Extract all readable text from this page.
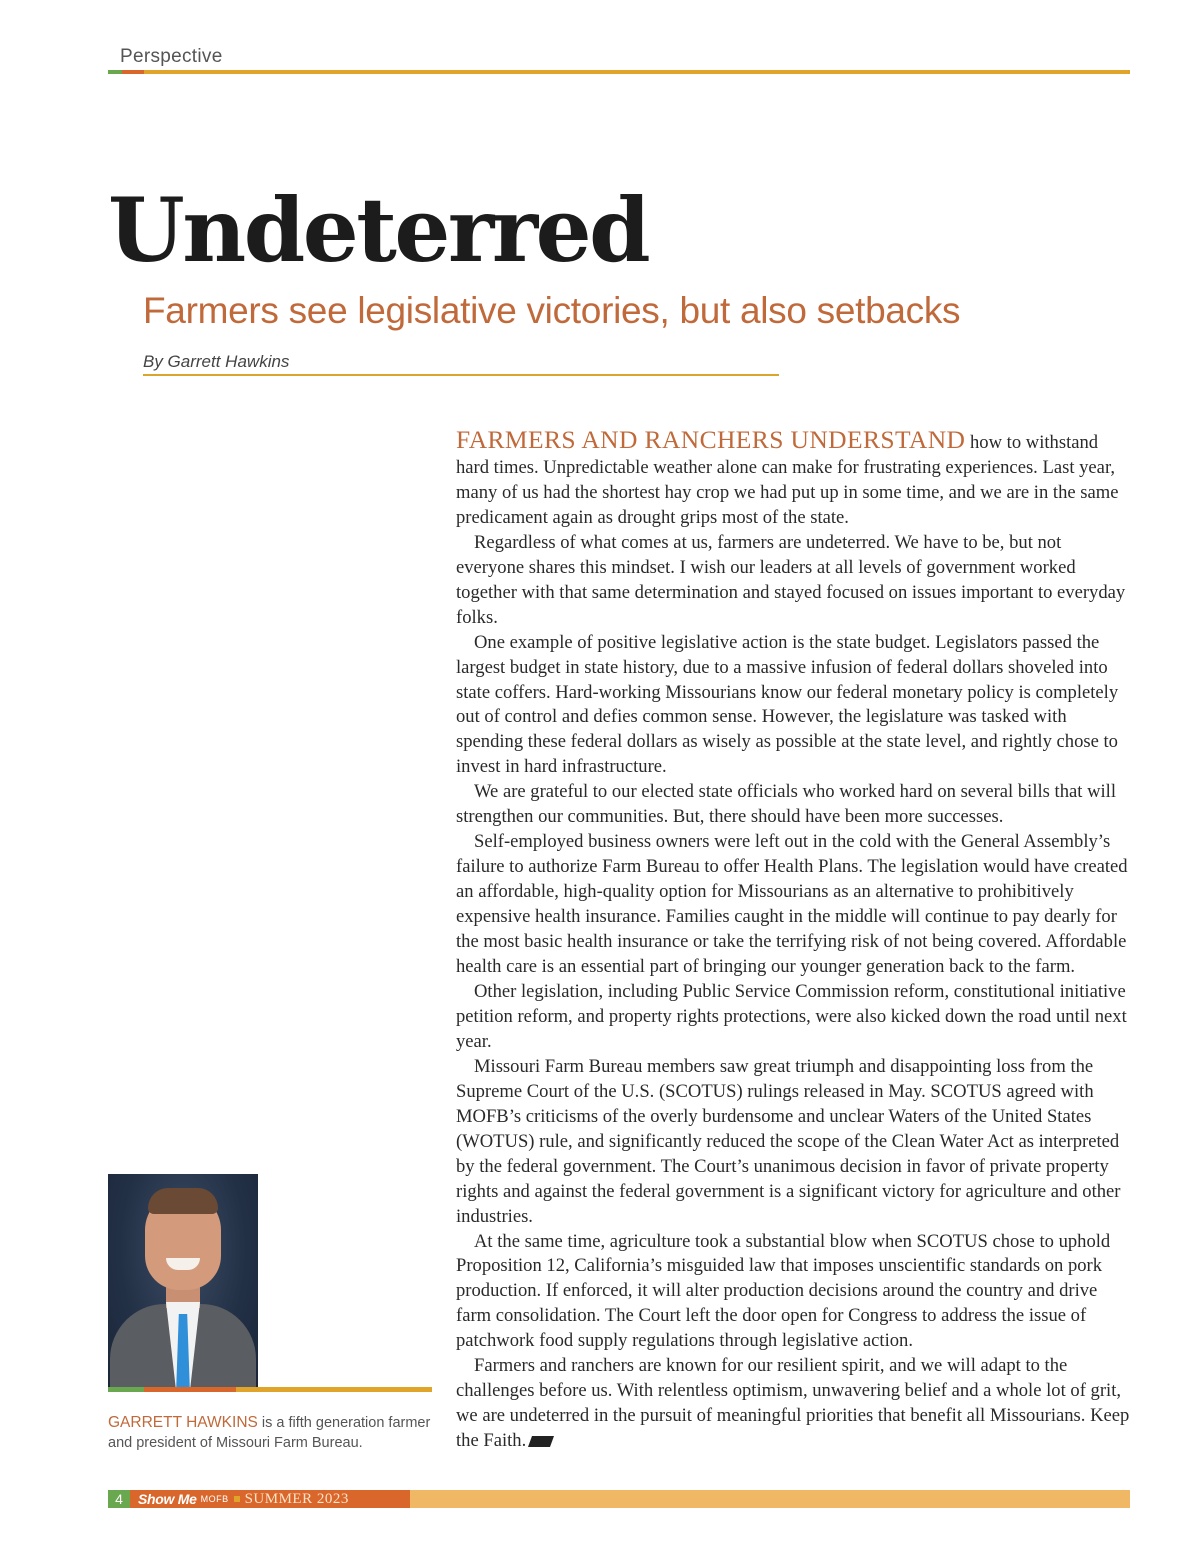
Perspective
Undeterred
Farmers see legislative victories, but also setbacks
By Garrett Hawkins

FARMERS AND RANCHERS UNDERSTAND how to withstand hard times. Unpredictable weather alone can make for frustrating experiences. Last year, many of us had the shortest hay crop we had put up in some time, and we are in the same predicament again as drought grips most of the state.

Regardless of what comes at us, farmers are undeterred. We have to be, but not everyone shares this mindset. I wish our leaders at all levels of government worked together with that same determination and stayed focused on issues important to everyday folks.

One example of positive legislative action is the state budget. Legislators passed the largest budget in state history, due to a massive infusion of federal dollars shoveled into state coffers. Hard-working Missourians know our federal monetary policy is completely out of control and defies common sense. However, the legislature was tasked with spending these federal dollars as wisely as possible at the state level, and rightly chose to invest in hard infrastructure.

We are grateful to our elected state officials who worked hard on several bills that will strengthen our communities. But, there should have been more successes.

Self-employed business owners were left out in the cold with the General Assembly’s failure to authorize Farm Bureau to offer Health Plans. The legislation would have created an affordable, high-quality option for Missourians as an alternative to prohibitively expensive health insurance. Families caught in the middle will continue to pay dearly for the most basic health insurance or take the terrifying risk of not being covered. Affordable health care is an essential part of bringing our younger generation back to the farm.

Other legislation, including Public Service Commission reform, constitutional initiative petition reform, and property rights protections, were also kicked down the road until next year.

Missouri Farm Bureau members saw great triumph and disappointing loss from the Supreme Court of the U.S. (SCOTUS) rulings released in May. SCOTUS agreed with MOFB’s criticisms of the overly burdensome and unclear Waters of the United States (WOTUS) rule, and significantly reduced the scope of the Clean Water Act as interpreted by the federal government. The Court’s unanimous decision in favor of private property rights and against the federal government is a significant victory for agriculture and other industries.

At the same time, agriculture took a substantial blow when SCOTUS chose to uphold Proposition 12, California’s misguided law that imposes unscientific standards on pork production. If enforced, it will alter production decisions around the country and drive farm consolidation. The Court left the door open for Congress to address the issue of patchwork food supply regulations through legislative action.

Farmers and ranchers are known for our resilient spirit, and we will adapt to the challenges before us. With relentless optimism, unwavering belief and a whole lot of grit, we are undeterred in the pursuit of meaningful priorities that benefit all Missourians. Keep the Faith.

GARRETT HAWKINS is a fifth generation farmer and president of Missouri Farm Bureau.
4	Show Me MOFB SUMMER 2023
